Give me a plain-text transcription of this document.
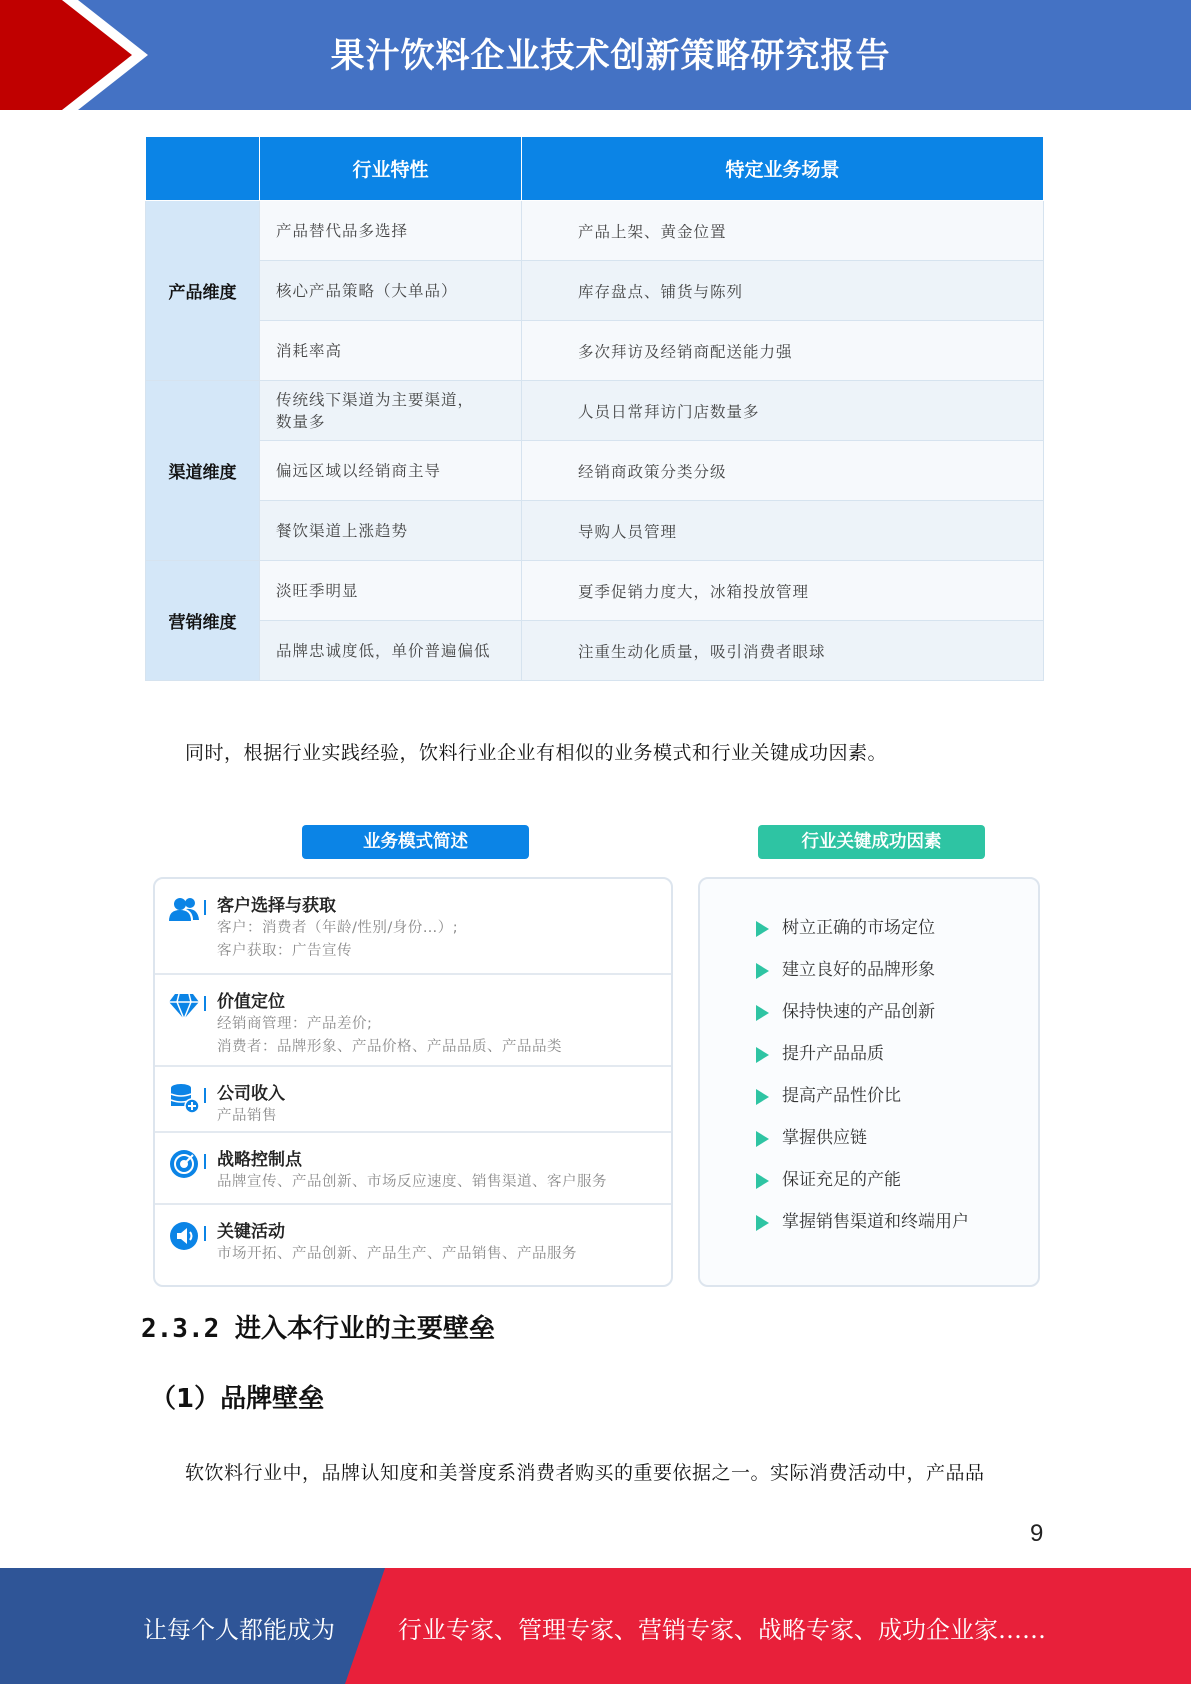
果汁饮料企业技术创新策略研究报告
	行业特性	特定业务场景
产品维度	产品替代品多选择	产品上架、黄金位置
	核心产品策略（大单品）	库存盘点、铺货与陈列
	消耗率高	多次拜访及经销商配送能力强
渠道维度	传统线下渠道为主要渠道，数量多	人员日常拜访门店数量多
	偏远区域以经销商主导	经销商政策分类分级
	餐饮渠道上涨趋势	导购人员管理
营销维度	淡旺季明显	夏季促销力度大，冰箱投放管理
	品牌忠诚度低，单价普遍偏低	注重生动化质量，吸引消费者眼球

同时，根据行业实践经验，饮料行业企业有相似的业务模式和行业关键成功因素。

业务模式简述	行业关键成功因素
客户选择与获取
客户：消费者（年龄/性别/身份…）;
客户获取：广告宣传
价值定位
经销商管理：产品差价;
消费者：品牌形象、产品价格、产品品质、产品品类
公司收入
产品销售
战略控制点
品牌宣传、产品创新、市场反应速度、销售渠道、客户服务
关键活动
市场开拓、产品创新、产品生产、产品销售、产品服务
树立正确的市场定位
建立良好的品牌形象
保持快速的产品创新
提升产品品质
提高产品性价比
掌握供应链
保证充足的产能
掌握销售渠道和终端用户
2.3.2 进入本行业的主要壁垒
（1）品牌壁垒

软饮料行业中，品牌认知度和美誉度系消费者购买的重要依据之一。实际消费活动中，产品品

9
让每个人都能成为	行业专家、管理专家、营销专家、战略专家、成功企业家……
